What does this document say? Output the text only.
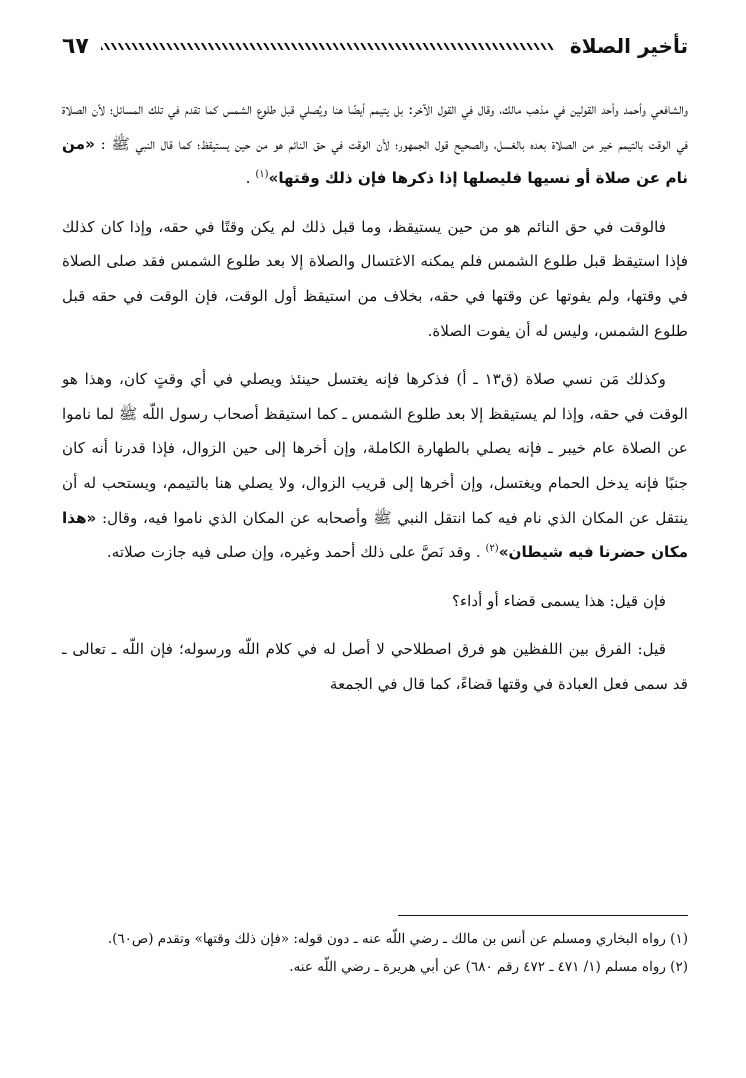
تأخير الصلاة
٦٧

والشافعي وأحمد وأحد القولين في مذهب مالك، وقال في القول الآخر: بل يتيمم أيضًا هنا ويُصلي قبل طلوع الشمس كما تقدم في تلك المسائل؛ لأن الصلاة في الوقت بالتيمم خير من الصلاة بعده بالغسل، والصحيح قول الجمهور؛ لأن الوقت في حق النائم هو من حين يستيقظ؛ كما قال النبي ﷺ : «من نام عن صلاة أو نسيها فليصلها إذا ذكرها فإن ذلك وقتها»$^{(١)}$ .

فالوقت في حق النائم هو من حين يستيقظ، وما قبل ذلك لم يكن وقتًا في حقه، وإذا كان كذلك فإذا استيقظ قبل طلوع الشمس فلم يمكنه الاغتسال والصلاة إلا بعد طلوع الشمس فقد صلى الصلاة في وقتها، ولم يفوتها عن وقتها في حقه، بخلاف من استيقظ أول الوقت، فإن الوقت في حقه قبل طلوع الشمس، وليس له أن يفوت الصلاة.

وكذلك مَن نسي صلاة (ق١٣ ـ أ) فذكرها فإنه يغتسل حينئذ ويصلي في أي وقتٍ كان، وهذا هو الوقت في حقه، وإذا لم يستيقظ إلا بعد طلوع الشمس ـ كما استيقظ أصحاب رسول اللّه ﷺ لما ناموا عن الصلاة عام خيبر ـ فإنه يصلي بالطهارة الكاملة، وإن أخرها إلى حين الزوال، فإذا قدرنا أنه كان جنبًا فإنه يدخل الحمام ويغتسل، وإن أخرها إلى قريب الزوال، ولا يصلي هنا بالتيمم، ويستحب له أن ينتقل عن المكان الذي نام فيه كما انتقل النبي ﷺ وأصحابه عن المكان الذي ناموا فيه، وقال: «هذا مكان حضرنا فيه شيطان»$^{(٢)}$ . وقد نَصَّ على ذلك أحمد وغيره، وإن صلى فيه جازت صلاته.

فإن قيل: هذا يسمى قضاء أو أداء؟

قيل: الفرق بين اللفظين هو فرق اصطلاحي لا أصل له في كلام اللّه ورسوله؛ فإن اللّه ـ تعالى ـ قد سمى فعل العبادة في وقتها قضاءً، كما قال في الجمعة

(١) رواه البخاري ومسلم عن أنس بن مالك ـ رضي اللّه عنه ـ دون قوله: «فإن ذلك وقتها» وتقدم (ص٦٠).

(٢) رواه مسلم (١/ ٤٧١ ـ ٤٧٢ رقم ٦٨٠) عن أبي هريرة ـ رضي اللّه عنه.
